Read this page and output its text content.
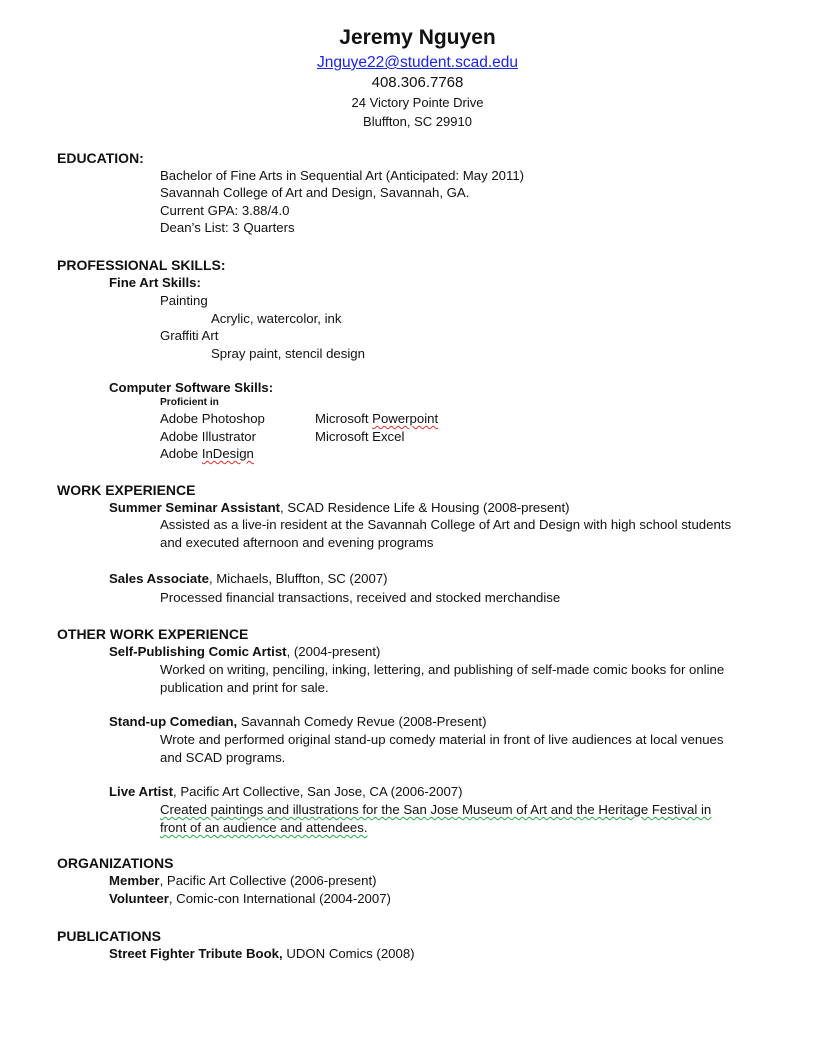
Jeremy Nguyen
Jnguye22@student.scad.edu
408.306.7768
24 Victory Pointe Drive
Bluffton, SC 29910
EDUCATION:
Bachelor of Fine Arts in Sequential Art (Anticipated: May 2011)
Savannah College of Art and Design, Savannah, GA.
Current GPA: 3.88/4.0
Dean’s List: 3 Quarters
PROFESSIONAL SKILLS:
Fine Art Skills:
Painting
Acrylic, watercolor, ink
Graffiti Art
Spray paint, stencil design
Computer Software Skills:
Proficient in
Adobe Photoshop
Adobe Illustrator
Adobe InDesign
Microsoft Powerpoint
Microsoft Excel
WORK EXPERIENCE
Summer Seminar Assistant, SCAD Residence Life & Housing (2008-present)
Assisted as a live-in resident at the Savannah College of Art and Design with high school students
and executed afternoon and evening programs
Sales Associate, Michaels, Bluffton, SC (2007)
Processed financial transactions, received and stocked merchandise
OTHER WORK EXPERIENCE
Self-Publishing Comic Artist, (2004-present)
Worked on writing, penciling, inking, lettering, and publishing of self-made comic books for online
publication and print for sale.
Stand-up Comedian, Savannah Comedy Revue (2008-Present)
Wrote and performed original stand-up comedy material in front of live audiences at local venues
and SCAD programs.
Live Artist, Pacific Art Collective, San Jose, CA (2006-2007)
Created paintings and illustrations for the San Jose Museum of Art and the Heritage Festival in
front of an audience and attendees.
ORGANIZATIONS
Member, Pacific Art Collective (2006-present)
Volunteer, Comic-con International (2004-2007)
PUBLICATIONS
Street Fighter Tribute Book, UDON Comics (2008)
